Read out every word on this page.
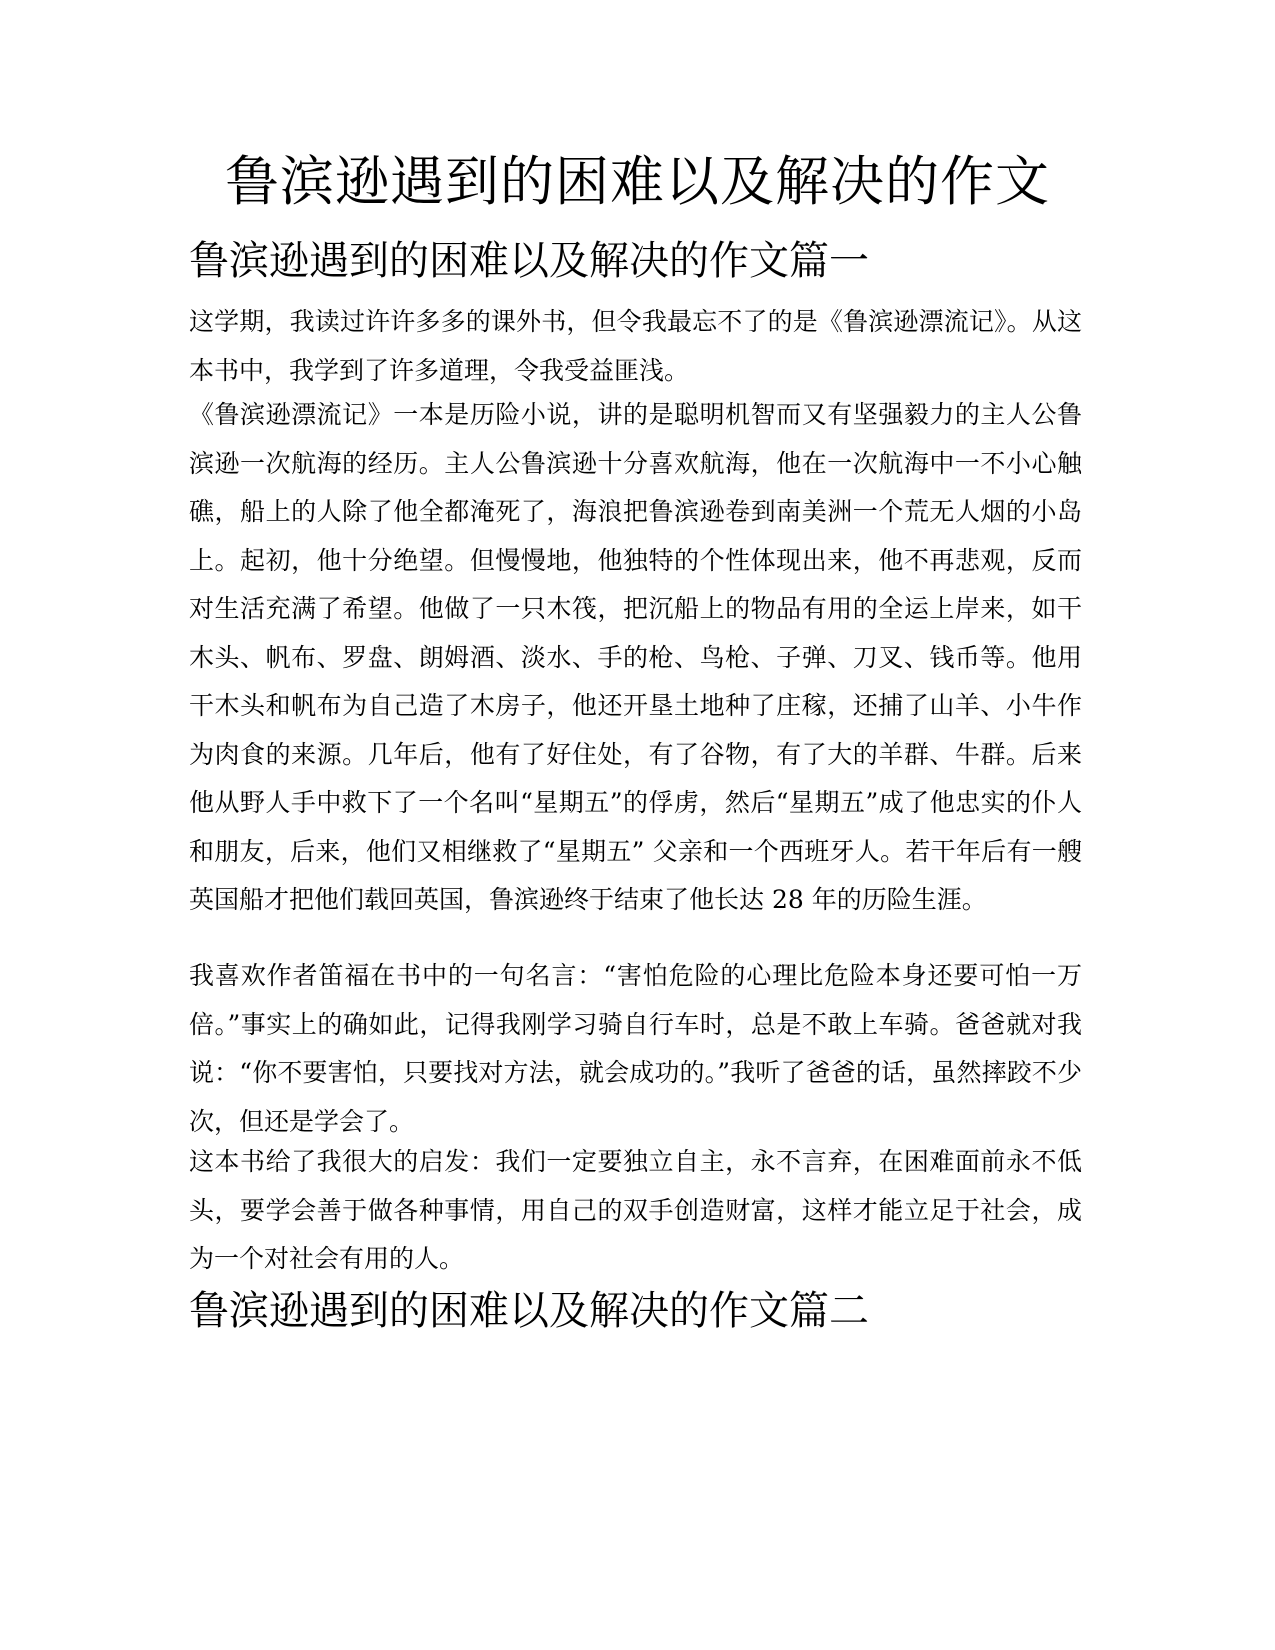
鲁滨逊遇到的困难以及解决的作文
鲁滨逊遇到的困难以及解决的作文篇一

这学期，我读过许许多多的课外书，但令我最忘不了的是《鲁滨逊漂流记》。从这本书中，我学到了许多道理，令我受益匪浅。

《鲁滨逊漂流记》一本是历险小说，讲的是聪明机智而又有坚强毅力的主人公鲁滨逊一次航海的经历。主人公鲁滨逊十分喜欢航海，他在一次航海中一不小心触礁，船上的人除了他全都淹死了，海浪把鲁滨逊卷到南美洲一个荒无人烟的小岛上。起初，他十分绝望。但慢慢地，他独特的个性体现出来，他不再悲观，反而对生活充满了希望。他做了一只木筏，把沉船上的物品有用的全运上岸来，如干木头、帆布、罗盘、朗姆酒、淡水、手的枪、鸟枪、子弹、刀叉、钱币等。他用干木头和帆布为自己造了木房子，他还开垦土地种了庄稼，还捕了山羊、小牛作为肉食的来源。几年后，他有了好住处，有了谷物，有了大的羊群、牛群。后来他从野人手中救下了一个名叫“星期五”的俘虏，然后“星期五”成了他忠实的仆人和朋友，后来，他们又相继救了“星期五” 父亲和一个西班牙人。若干年后有一艘英国船才把他们载回英国，鲁滨逊终于结束了他长达 28 年的历险生涯。

我喜欢作者笛福在书中的一句名言：“害怕危险的心理比危险本身还要可怕一万倍。”事实上的确如此，记得我刚学习骑自行车时，总是不敢上车骑。爸爸就对我说：“你不要害怕，只要找对方法，就会成功的。”我听了爸爸的话，虽然摔跤不少次，但还是学会了。

这本书给了我很大的启发：我们一定要独立自主，永不言弃，在困难面前永不低头，要学会善于做各种事情，用自己的双手创造财富，这样才能立足于社会，成为一个对社会有用的人。

鲁滨逊遇到的困难以及解决的作文篇二
